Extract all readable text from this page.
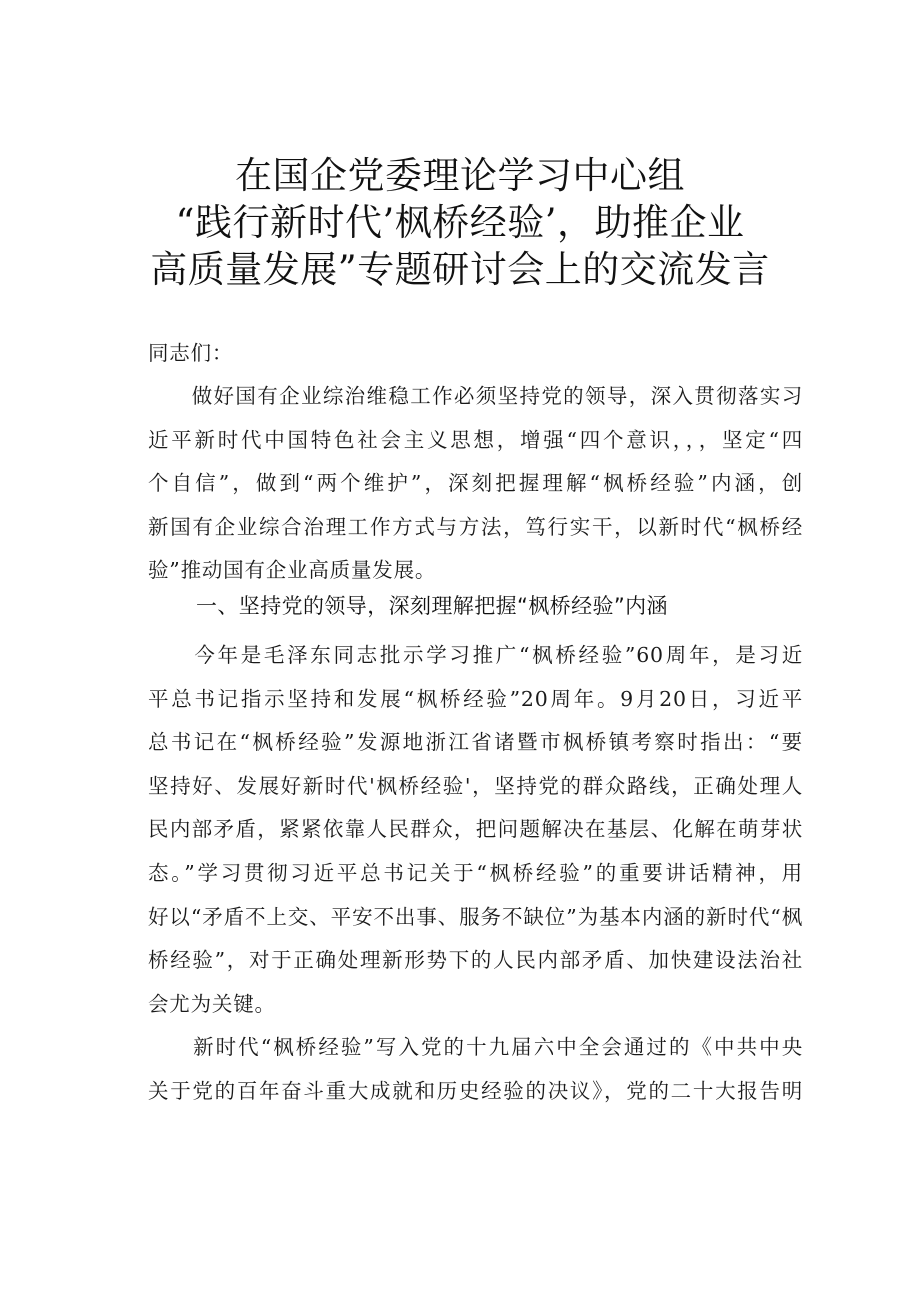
在国企党委理论学习中心组
“践行新时代’枫桥经验’，助推企业
高质量发展”专题研讨会上的交流发言
同志们：
　　做好国有企业综治维稳工作必须坚持党的领导，深入贯彻落实习
近平新时代中国特色社会主义思想，增强“四个意识，，，坚定“四
个自信”，做到“两个维护”，深刻把握理解“枫桥经验”内涵，创
新国有企业综合治理工作方式与方法，笃行实干，以新时代“枫桥经
验”推动国有企业高质量发展。
一、坚持党的领导，深刻理解把握“枫桥经验”内涵
　　今年是毛泽东同志批示学习推广“枫桥经验”60周年，是习近
平总书记指示坚持和发展“枫桥经验”20周年。9月20日，习近平
总书记在“枫桥经验”发源地浙江省诸暨市枫桥镇考察时指出：“要
坚持好、发展好新时代'枫桥经验'，坚持党的群众路线，正确处理人
民内部矛盾，紧紧依靠人民群众，把问题解决在基层、化解在萌芽状
态。”学习贯彻习近平总书记关于“枫桥经验”的重要讲话精神，用
好以“矛盾不上交、平安不出事、服务不缺位”为基本内涵的新时代“枫
桥经验”，对于正确处理新形势下的人民内部矛盾、加快建设法治社
会尤为关键。
　　新时代“枫桥经验”写入党的十九届六中全会通过的《中共中央
关于党的百年奋斗重大成就和历史经验的决议》，党的二十大报告明
